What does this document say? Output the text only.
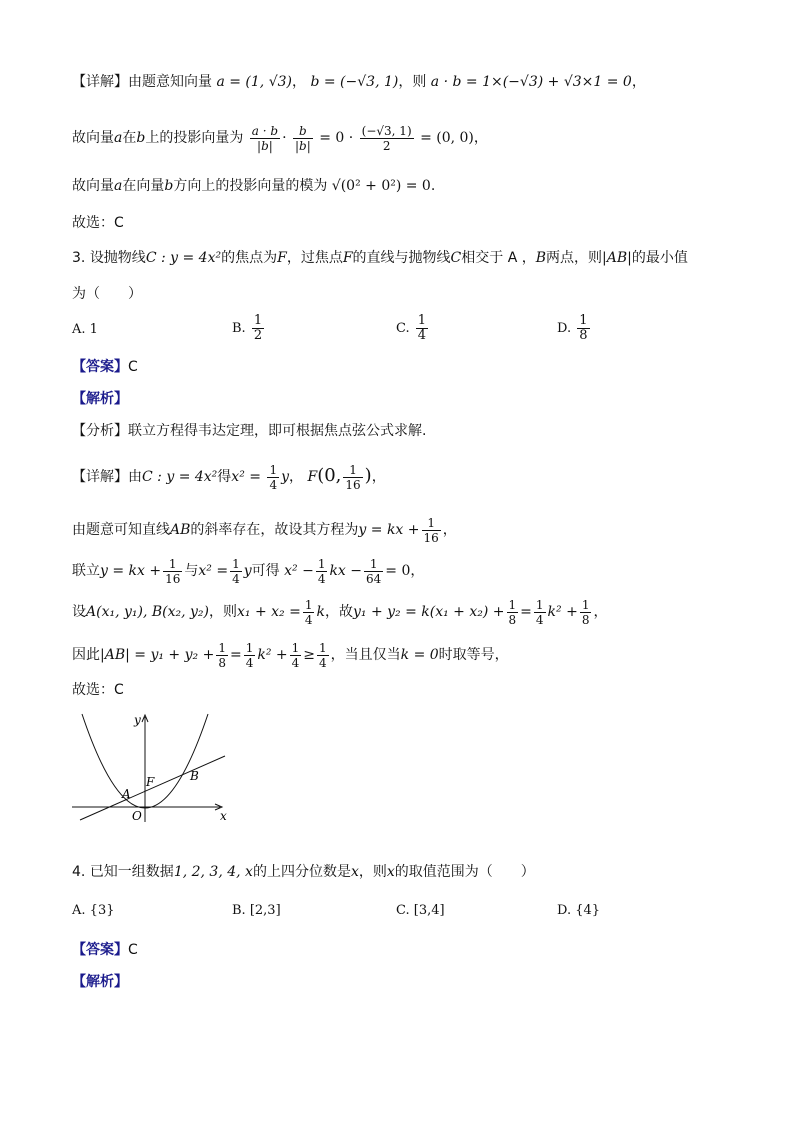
【详解】由题意知向量 a = (1, √3)， b = (−√3, 1)，则 a · b = 1×(−√3) + √3×1 = 0，
故向量a在b上的投影向量为 $\frac{a \cdot b}{|b|} \cdot \frac{b}{|b|} = 0 \cdot \frac{(-√3, 1)}{2} = (0$, 0)，
故向量a在向量b方向上的投影向量的模为 √(0² + 0²) = 0.
故选：C
3. 设抛物线C : y = 4x²的焦点为F，过焦点F的直线与抛物线C相交于 A ，B两点，则|AB|的最小值
为（　　）
A. 1	B. $\frac{1}{2}$	C. $\frac{1}{4}$	D. $\frac{1}{8}$
【答案】C
【解析】
【分析】联立方程得韦达定理，即可根据焦点弦公式求解.
【详解】由C : y = 4x²得$x^2 = \frac{1}{4}$ y， F(0, $\frac{1}{16}$ )，
由题意可知直线AB的斜率存在，故设其方程为y = kx + $\frac{1}{16}$ ，
联立y = kx + $\frac{1}{16}$ 与$x^2 = \frac{1}{4}$ y可得 $x^2 - \frac{1}{4}$ kx − $\frac{1}{64} = 0$，
设A(x₁, y₁), B(x₂, y₂)，则$x_1 + x_2 = \frac{1}{4}$ k，故$y_1 + y_2 = k(x_1 + x_2) + \frac{1}{8} = \frac{1}{4} k^2 + \frac{1}{8}$ ，
因此$|AB| = y_1 + y_2 + \frac{1}{8} = \frac{1}{4} k^2 + \frac{1}{4} \ge \frac{1}{4}$ ，当且仅当k = 0时取等号，
故选：C
y
x
O
A
B
F
4. 已知一组数据1, 2, 3, 4, x的上四分位数是x，则x的取值范围为（　　）
A. {3}	B. [2,3]	C. [3,4]	D. {4}
【答案】C
【解析】
